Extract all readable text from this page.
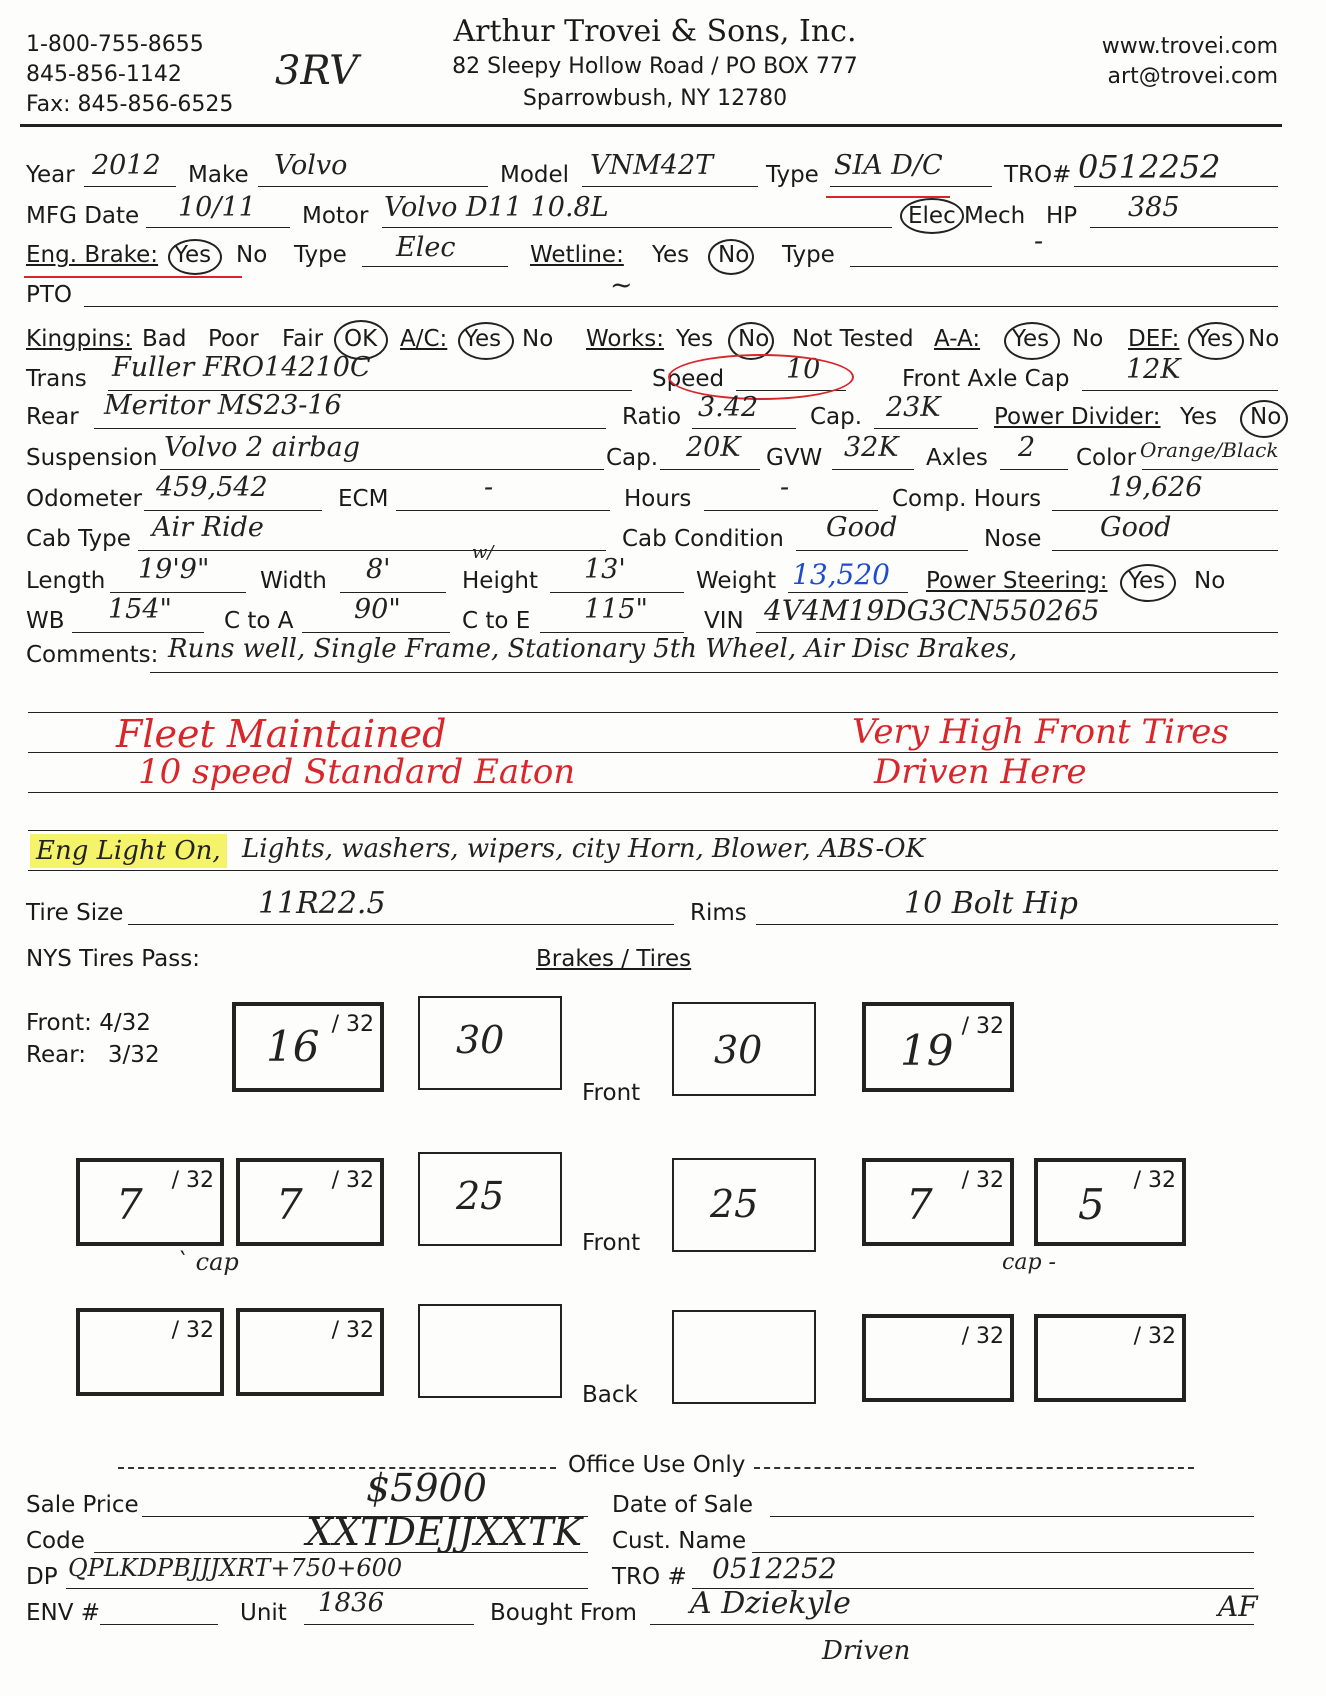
1-800-755-8655
845-856-1142
Fax: 845-856-6525
3RV
Arthur Trovei & Sons, Inc.
82 Sleepy Hollow Road / PO BOX 777
Sparrowbush, NY 12780
www.trovei.com
art@trovei.com
Year 2012 Make Volvo	Model VNM42T Type SIA D/C	TRO# 0512252
MFG Date 10/11 Motor Volvo D11 10.8L	Elec Mech HP 385
Eng. Brake: Yes No Type Elec	Wetline: Yes No Type	-
PTO	~
Kingpins: Bad Poor Fair OK A/C: Yes No Works: Yes No Not Tested A-A: Yes No DEF: Yes No
Trans Fuller FRO14210C	Speed 10	Front Axle Cap 12K
Rear Meritor MS23-16	Ratio 3.42 Cap. 23K Power Divider: Yes No
Suspension Volvo 2 airbag	Cap. 20K GVW 32K Axles 2 Color Orange/Black
Odometer 459,542	ECM	-	Hours	-	Comp. Hours 19,626
Cab Type Air Ride	Cab Condition Good	Nose Good
Length 19'9" Width 8'
w/
Height 13'	Weight 13,520 Power Steering: Yes No
WB 154" C to A 90"	C to E 115" VIN 4V4M19DG3CN550265
Comments: Runs well, Single Frame, Stationary 5th Wheel, Air Disc Brakes,
Fleet Maintained
10 speed Standard Eaton
Very High Front Tires
Driven Here
Eng Light On, Lights, washers, wipers, city Horn, Blower, ABS-OK
Tire Size	11R22.5	Rims	10 Bolt Hip
NYS Tires Pass:	Brakes / Tires
Front: 4/32
Rear:   3/32
/ 32
16	30
Front
30
/ 32
19
/ 32
7	/ 32
7
` cap
25
Front
25
/ 32
7	/ 32
5
cap -
/ 32	/ 32
Back
/ 32	/ 32
Office Use Only
Sale Price	$5900	Date of Sale
Code	XXTDEJJXXTK Cust. Name
DP QPLKDPBJJJXRT+750+600	TRO # 0512252
ENV #	Unit 1836	Bought From A Dziekyle	AF
Driven
